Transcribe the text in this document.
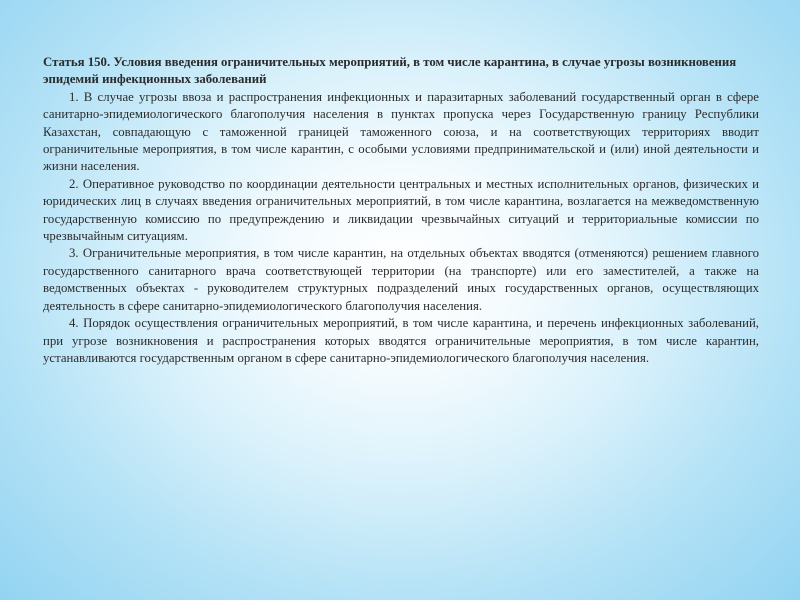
Статья 150. Условия введения ограничительных мероприятий, в том числе карантина, в случае угрозы возникновения эпидемий инфекционных заболеваний

1. В случае угрозы ввоза и распространения инфекционных и паразитарных заболеваний государственный орган в сфере санитарно-эпидемиологического благополучия населения в пунктах пропуска через Государственную границу Республики Казахстан, совпадающую с таможенной границей таможенного союза, и на соответствующих территориях вводит ограничительные мероприятия, в том числе карантин, с особыми условиями предпринимательской и (или) иной деятельности и жизни населения.

2. Оперативное руководство по координации деятельности центральных и местных исполнительных органов, физических и юридических лиц в случаях введения ограничительных мероприятий, в том числе карантина, возлагается на межведомственную государственную комиссию по предупреждению и ликвидации чрезвычайных ситуаций и территориальные комиссии по чрезвычайным ситуациям.

3. Ограничительные мероприятия, в том числе карантин, на отдельных объектах вводятся (отменяются) решением главного государственного санитарного врача соответствующей территории (на транспорте) или его заместителей, а также на ведомственных объектах - руководителем структурных подразделений иных государственных органов, осуществляющих деятельность в сфере санитарно-эпидемиологического благополучия населения.

4. Порядок осуществления ограничительных мероприятий, в том числе карантина, и перечень инфекционных заболеваний, при угрозе возникновения и распространения которых вводятся ограничительные мероприятия, в том числе карантин, устанавливаются государственным органом в сфере санитарно-эпидемиологического благополучия населения.
